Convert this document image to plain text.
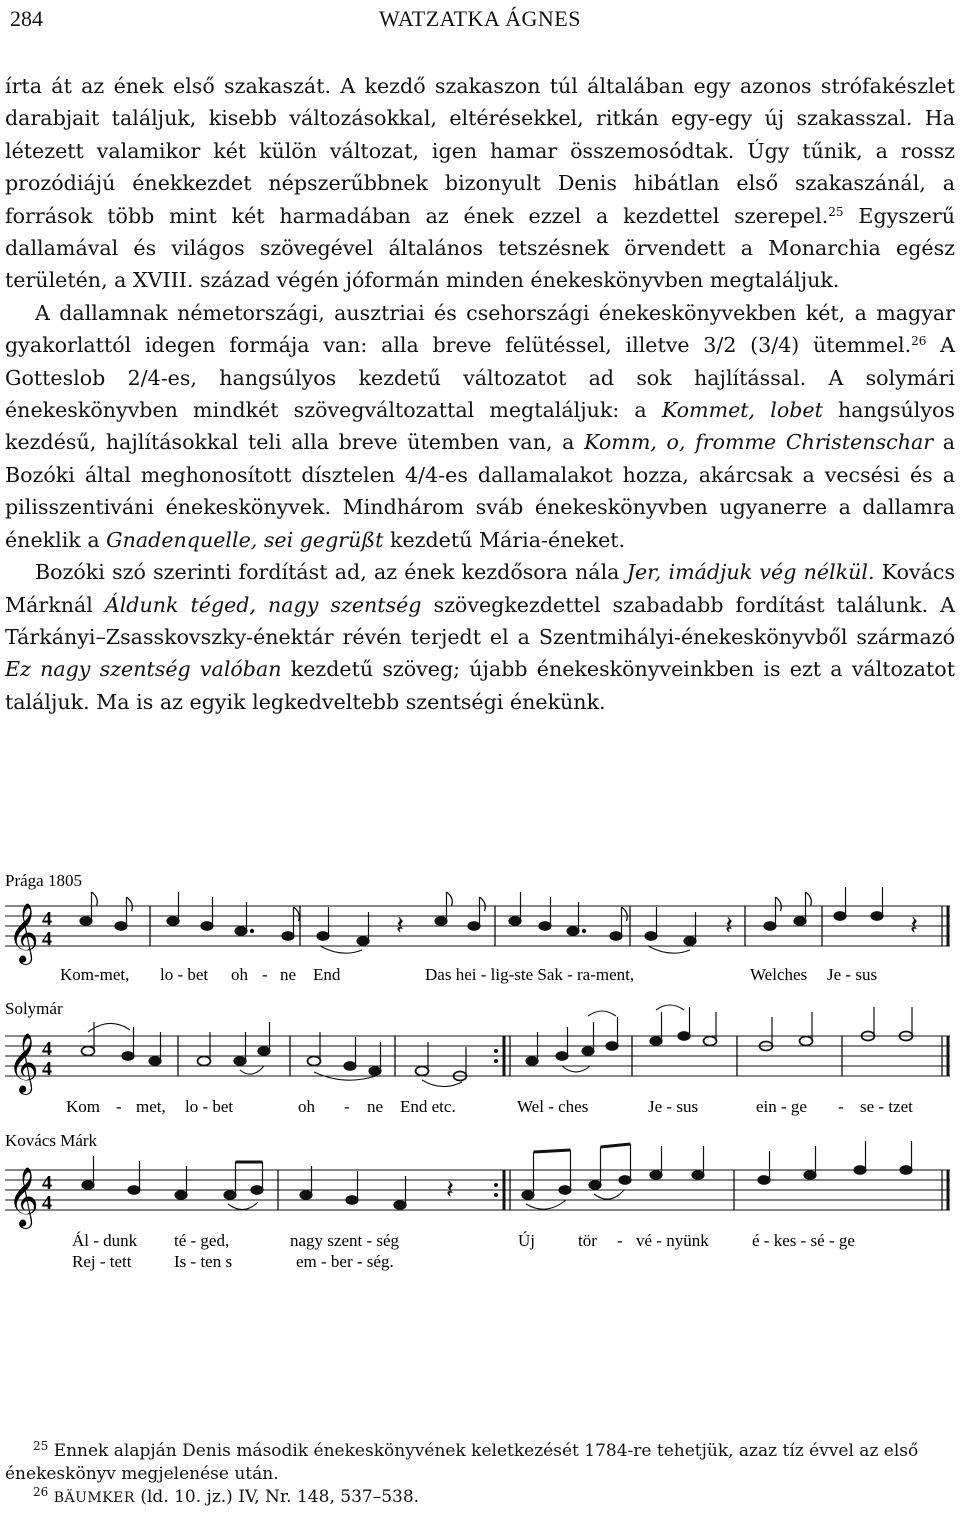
284	WATZATKA ÁGNES

írta át az ének első szakaszát. A kezdő szakaszon túl általában egy azonos strófakészlet darabjait találjuk, kisebb változásokkal, eltérésekkel, ritkán egy-egy új szakasszal. Ha létezett valamikor két külön változat, igen hamar összemosódtak. Úgy tűnik, a rossz prozódiájú énekkezdet népszerűbbnek bizonyult Denis hibátlan első szakaszánál, a források több mint két harmadában az ének ezzel a kezdettel szerepel.$^{25}$ Egyszerű dallamával és világos szövegével általános tetszésnek örvendett a Monarchia egész területén, a XVIII. század végén jóformán minden énekeskönyvben megtaláljuk.

A dallamnak németországi, ausztriai és csehországi énekeskönyvekben két, a magyar gyakorlattól idegen formája van: alla breve felütéssel, illetve 3/2 (3/4) ütemmel.$^{26}$ A Gotteslob 2/4-es, hangsúlyos kezdetű változatot ad sok hajlítással. A solymári énekeskönyvben mindkét szövegváltozattal megtaláljuk: a Kommet, lobet hangsúlyos kezdésű, hajlításokkal teli alla breve ütemben van, a Komm, o, fromme Christenschar a Bozóki által meghonosított dísztelen 4/4-es dallamalakot hozza, akárcsak a vecsési és a pilisszentiváni énekeskönyvek. Mindhárom sváb énekeskönyvben ugyanerre a dallamra éneklik a Gnadenquelle, sei gegrüßt kezdetű Mária-éneket.

Bozóki szó szerinti fordítást ad, az ének kezdősora nála Jer, imádjuk vég nélkül. Kovács Márknál Áldunk téged, nagy szentség szövegkezdettel szabadabb fordítást találunk. A Tárkányi–Zsasskovszky-énektár révén terjedt el a Szentmihályi-énekeskönyvből származó Ez nagy szentség valóban kezdetű szöveg; újabb énekeskönyveinkben is ezt a változatot találjuk. Ma is az egyik legkedveltebb szentségi énekünk.

Prága 1805
𝄞 4
4	𝄽	𝄽	𝄽
Kom-met, lo - bet oh - ne End	Das hei - lig-ste Sak - ra-ment,	Welches Je - sus
Solymár
𝄞 4
4
Kom - met, lo - bet	oh - ne End etc.	Wel - ches	Je - sus	ein - ge - se - tzet
Kovács Márk
𝄞 4
4	𝄽
Ál - dunk té - ged,	nagy szent - ség	Új	tör - vé - nyünk	é - kes - sé - ge
Rej - tett	Is - ten s	em - ber - ség.

$^{25}$ Ennek alapján Denis második énekeskönyvének keletkezését 1784-re tehetjük, azaz tíz évvel az első énekeskönyv megjelenése után.

$^{26}$ BÄUMKER (ld. 10. jz.) IV, Nr. 148, 537–538.
